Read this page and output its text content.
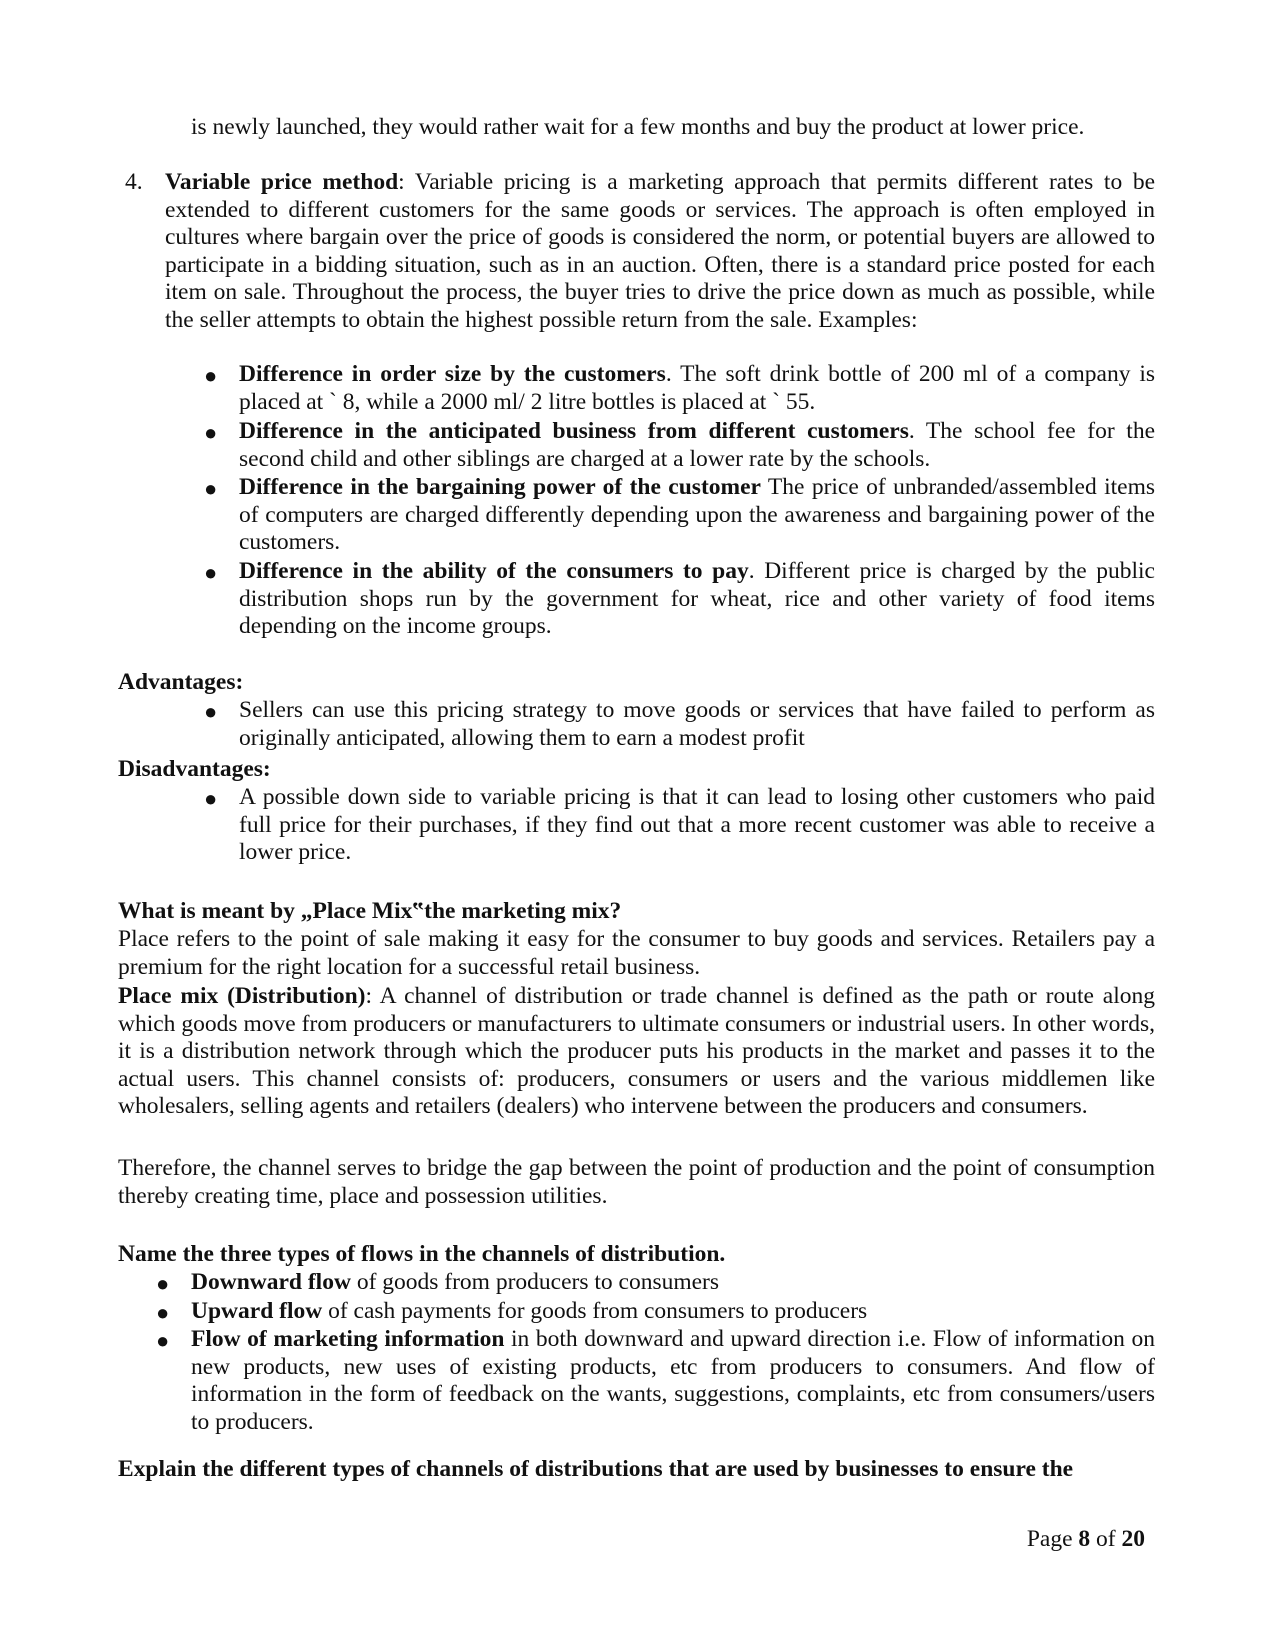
is newly launched, they would rather wait for a few months and buy the product at lower price.
4. Variable price method: Variable pricing is a marketing approach that permits different rates to be extended to different customers for the same goods or services. The approach is often employed in cultures where bargain over the price of goods is considered the norm, or potential buyers are allowed to participate in a bidding situation, such as in an auction. Often, there is a standard price posted for each item on sale. Throughout the process, the buyer tries to drive the price down as much as possible, while the seller attempts to obtain the highest possible return from the sale. Examples:
● Difference in order size by the customers. The soft drink bottle of 200 ml of a company is placed at ` 8, while a 2000 ml/ 2 litre bottles is placed at ` 55.
● Difference in the anticipated business from different customers. The school fee for the second child and other siblings are charged at a lower rate by the schools.
● Difference in the bargaining power of the customer The price of unbranded/assembled items of computers are charged differently depending upon the awareness and bargaining power of the customers.
● Difference in the ability of the consumers to pay. Different price is charged by the public distribution shops run by the government for wheat, rice and other variety of food items depending on the income groups.
Advantages:
● Sellers can use this pricing strategy to move goods or services that have failed to perform as originally anticipated, allowing them to earn a modest profit
Disadvantages:
● A possible down side to variable pricing is that it can lead to losing other customers who paid full price for their purchases, if they find out that a more recent customer was able to receive a lower price.
What is meant by „Place Mix‟the marketing mix?
Place refers to the point of sale making it easy for the consumer to buy goods and services. Retailers pay a premium for the right location for a successful retail business.
Place mix (Distribution): A channel of distribution or trade channel is defined as the path or route along which goods move from producers or manufacturers to ultimate consumers or industrial users. In other words, it is a distribution network through which the producer puts his products in the market and passes it to the actual users. This channel consists of: producers, consumers or users and the various middlemen like wholesalers, selling agents and retailers (dealers) who intervene between the producers and consumers.
Therefore, the channel serves to bridge the gap between the point of production and the point of consumption thereby creating time, place and possession utilities.
Name the three types of flows in the channels of distribution.
● Downward flow of goods from producers to consumers
● Upward flow of cash payments for goods from consumers to producers
● Flow of marketing information in both downward and upward direction i.e. Flow of information on new products, new uses of existing products, etc from producers to consumers. And flow of information in the form of feedback on the wants, suggestions, complaints, etc from consumers/users to producers.
Explain the different types of channels of distributions that are used by businesses to ensure the
Page 8 of 20
